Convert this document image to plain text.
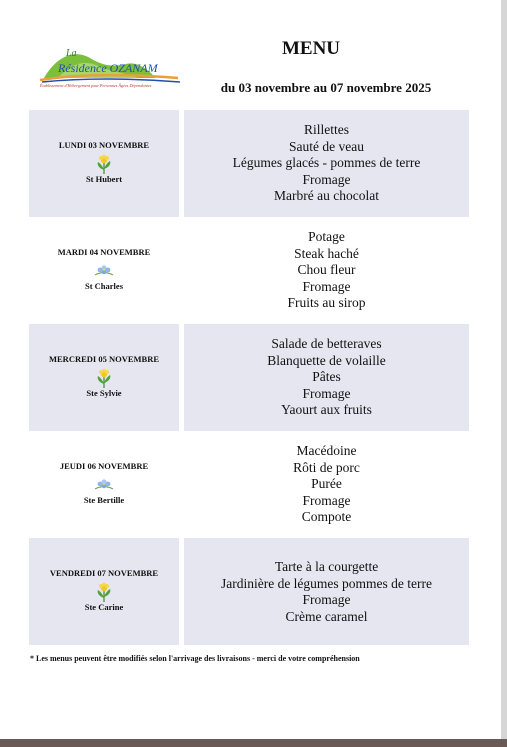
La
Résidence OZANAM
Établissement d'Hébergement pour Personnes Âgées Dépendantes
MENU
du 03 novembre au 07 novembre 2025
LUNDI 03 NOVEMBRE
St Hubert
Rillettes
Sauté de veau
Légumes glacés - pommes de terre
Fromage
Marbré au chocolat
MARDI 04 NOVEMBRE
St Charles
Potage
Steak haché
Chou fleur
Fromage
Fruits au sirop
MERCREDI 05 NOVEMBRE
Ste Sylvie
Salade de betteraves
Blanquette de volaille
Pâtes
Fromage
Yaourt aux fruits
JEUDI 06 NOVEMBRE
Ste Bertille
Macédoine
Rôti de porc
Purée
Fromage
Compote
VENDREDI 07 NOVEMBRE
Ste Carine
Tarte à la courgette
Jardinière de légumes pommes de terre
Fromage
Crème caramel
* Les menus peuvent être modifiés selon l'arrivage des livraisons - merci de votre compréhension
